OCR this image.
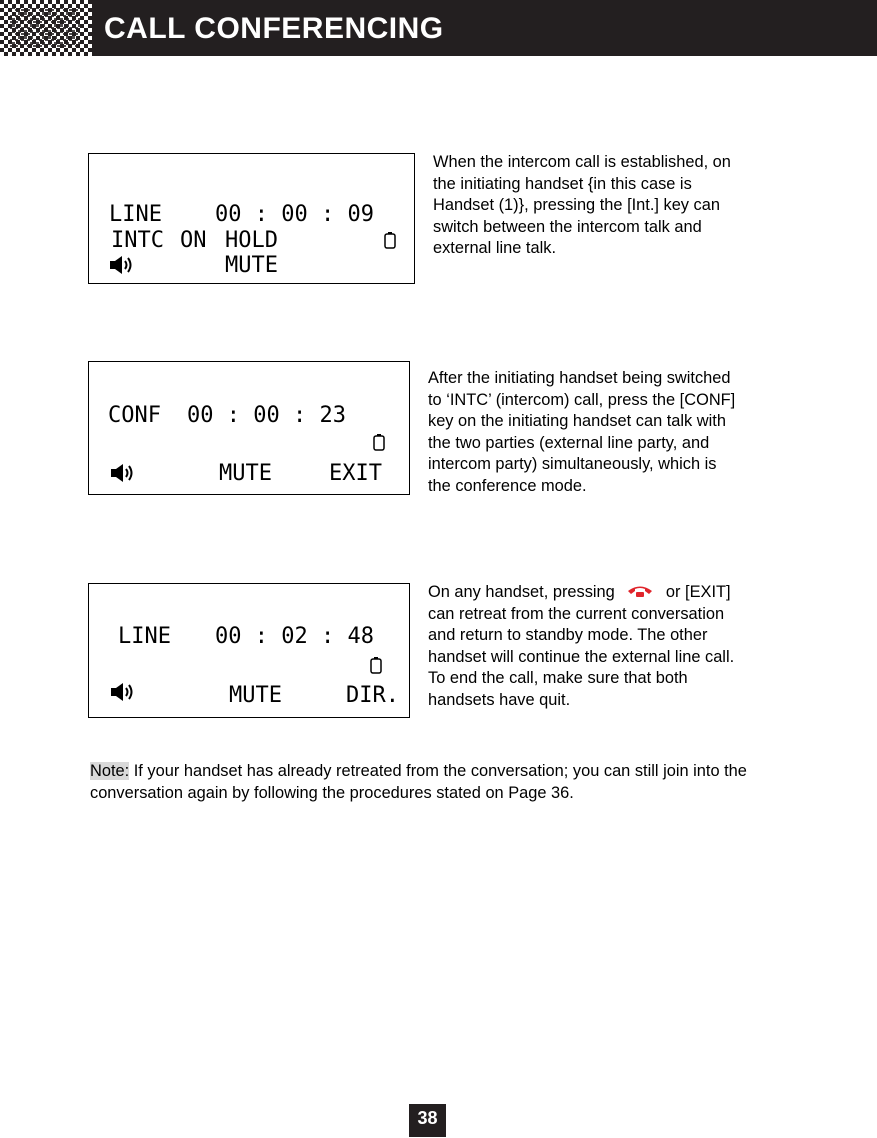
CALL CONFERENCING
LINE 00 : 00 : 09
INTC ON HOLD
MUTE
When the intercom call is established, on
the initiating handset {in this case is
Handset (1)}, pressing the [Int.] key can
switch between the intercom talk and
external line talk.
CONF 00 : 00 : 23
MUTE	EXIT
After the initiating handset being switched
to ‘INTC’ (intercom) call, press the [CONF]
key on the initiating handset can talk with
the two parties (external line party, and
intercom party) simultaneously, which is
the conference mode.
LINE 00 : 02 : 48
MUTE	DIR.
On any handset, pressing	or [EXIT]
can retreat from the current conversation
and return to standby mode. The other
handset will continue the external line call.
To end the call, make sure that both
handsets have quit.
Note: If your handset has already retreated from the conversation; you can still join into the conversation again by following the procedures stated on Page 36.
38
